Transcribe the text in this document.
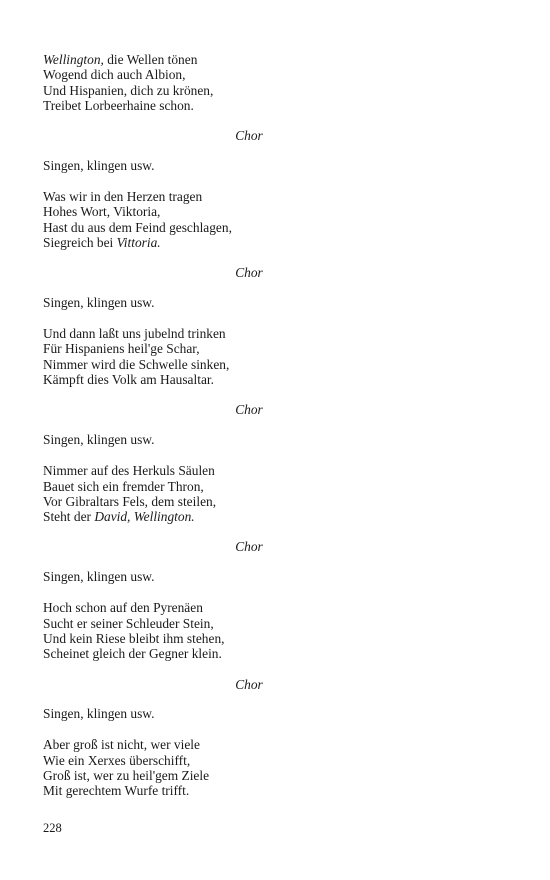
Wellington, die Wellen tönen
Wogend dich auch Albion,
Und Hispanien, dich zu krönen,
Treibet Lorbeerhaine schon.
Chor
Singen, klingen usw.
Was wir in den Herzen tragen
Hohes Wort, Viktoria,
Hast du aus dem Feind geschlagen,
Siegreich bei Vittoria.
Chor
Singen, klingen usw.
Und dann laßt uns jubelnd trinken
Für Hispaniens heil'ge Schar,
Nimmer wird die Schwelle sinken,
Kämpft dies Volk am Hausaltar.
Chor
Singen, klingen usw.
Nimmer auf des Herkuls Säulen
Bauet sich ein fremder Thron,
Vor Gibraltars Fels, dem steilen,
Steht der David, Wellington.
Chor
Singen, klingen usw.
Hoch schon auf den Pyrenäen
Sucht er seiner Schleuder Stein,
Und kein Riese bleibt ihm stehen,
Scheinet gleich der Gegner klein.
Chor
Singen, klingen usw.
Aber groß ist nicht, wer viele
Wie ein Xerxes überschifft,
Groß ist, wer zu heil'gem Ziele
Mit gerechtem Wurfe trifft.
228
